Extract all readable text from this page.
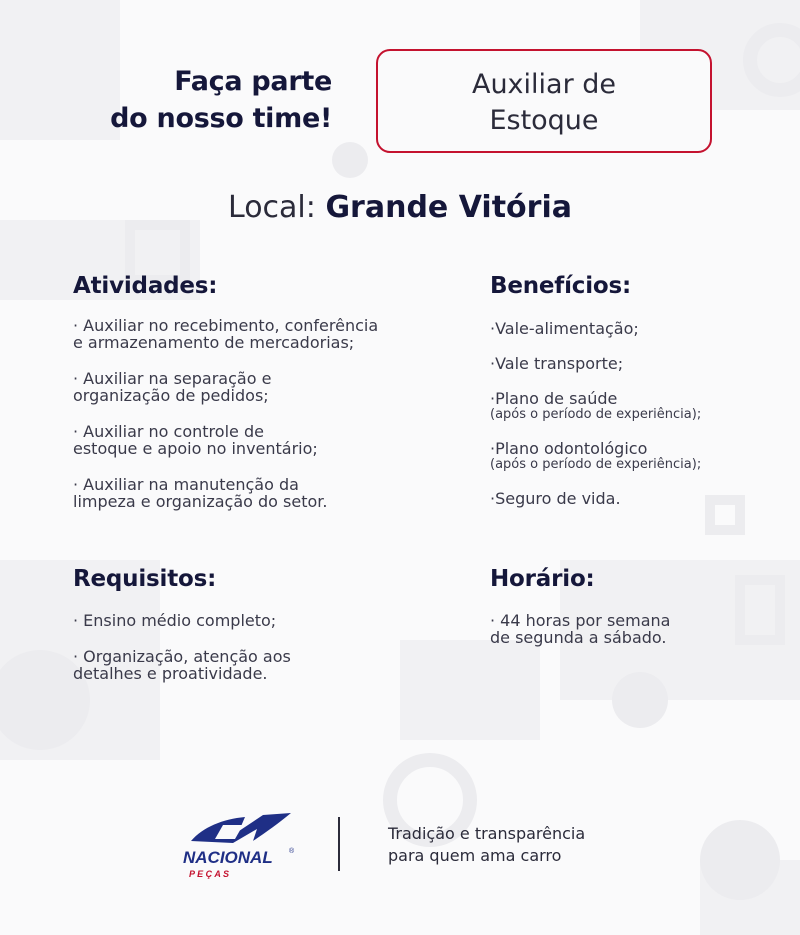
Faça parte
do nosso time!
Auxiliar de
Estoque
Local: Grande Vitória
Atividades:
· Auxiliar no recebimento, conferência
e armazenamento de mercadorias;
· Auxiliar na separação e
organização de pedidos;
· Auxiliar no controle de
estoque e apoio no inventário;
· Auxiliar na manutenção da
limpeza e organização do setor.
Benefícios:
·Vale-alimentação;
·Vale transporte;
·Plano de saúde
(após o período de experiência);
·Plano odontológico
(após o período de experiência);
·Seguro de vida.
Requisitos:
· Ensino médio completo;
· Organização, atenção aos
detalhes e proatividade.
Horário:
· 44 horas por semana
de segunda a sábado.
NACIONAL ®
P E Ç A S
Tradição e transparência
para quem ama carro
